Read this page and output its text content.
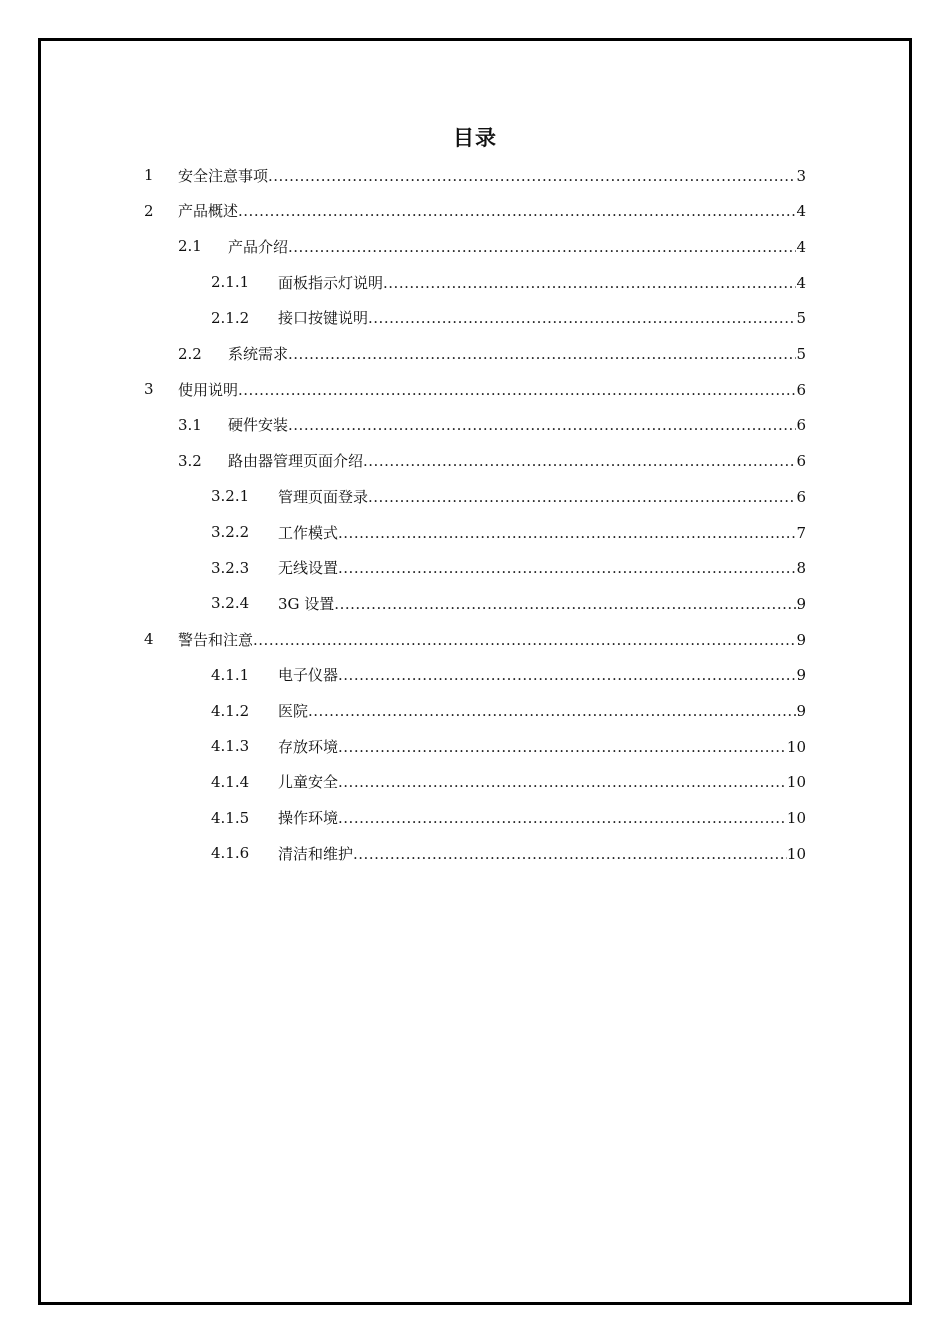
目录
1 安全注意事项 .....	3
2 产品概述 .....	4
2.1 产品介绍 .....	4
2.1.1 面板指示灯说明 .....	4
2.1.2 接口按键说明 .....	5
2.2 系统需求 .....	5
3 使用说明 .....	6
3.1 硬件安装 .....	6
3.2 路由器管理页面介绍 .....	6
3.2.1 管理页面登录 .....	6
3.2.2 工作模式 .....	7
3.2.3 无线设置 .....	8
3.2.4 3G 设置 .....	9
4 警告和注意 .....	9
4.1.1 电子仪器 .....	9
4.1.2 医院 .....	9
4.1.3 存放环境 .....	10
4.1.4 儿童安全 .....	10
4.1.5 操作环境 .....	10
4.1.6 清洁和维护 .....	10
